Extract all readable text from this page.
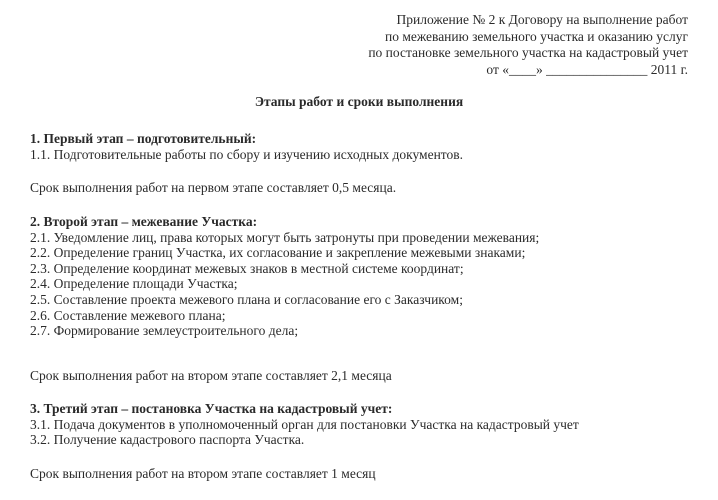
Приложение № 2 к Договору на выполнение работ
по межеванию земельного участка и оказанию услуг
по постановке земельного участка на кадастровый учет
от «____» _______________ 2011 г.
Этапы работ и сроки выполнения
1. Первый этап – подготовительный:
1.1. Подготовительные работы по сбору и изучению исходных документов.
Срок выполнения работ на первом этапе составляет 0,5 месяца.
2. Второй этап – межевание Участка:
2.1. Уведомление лиц, права которых могут быть затронуты при проведении межевания;
2.2. Определение границ Участка, их согласование и закрепление межевыми знаками;
2.3. Определение координат межевых знаков в местной системе координат;
2.4. Определение площади Участка;
2.5. Составление проекта межевого плана и согласование его с Заказчиком;
2.6. Составление межевого плана;
2.7. Формирование землеустроительного дела;
Срок выполнения работ на втором этапе составляет 2,1 месяца
3. Третий этап – постановка Участка на кадастровый учет:
3.1. Подача документов в уполномоченный орган для постановки Участка на кадастровый учет
3.2. Получение кадастрового паспорта Участка.
Срок выполнения работ на втором этапе составляет 1 месяц
